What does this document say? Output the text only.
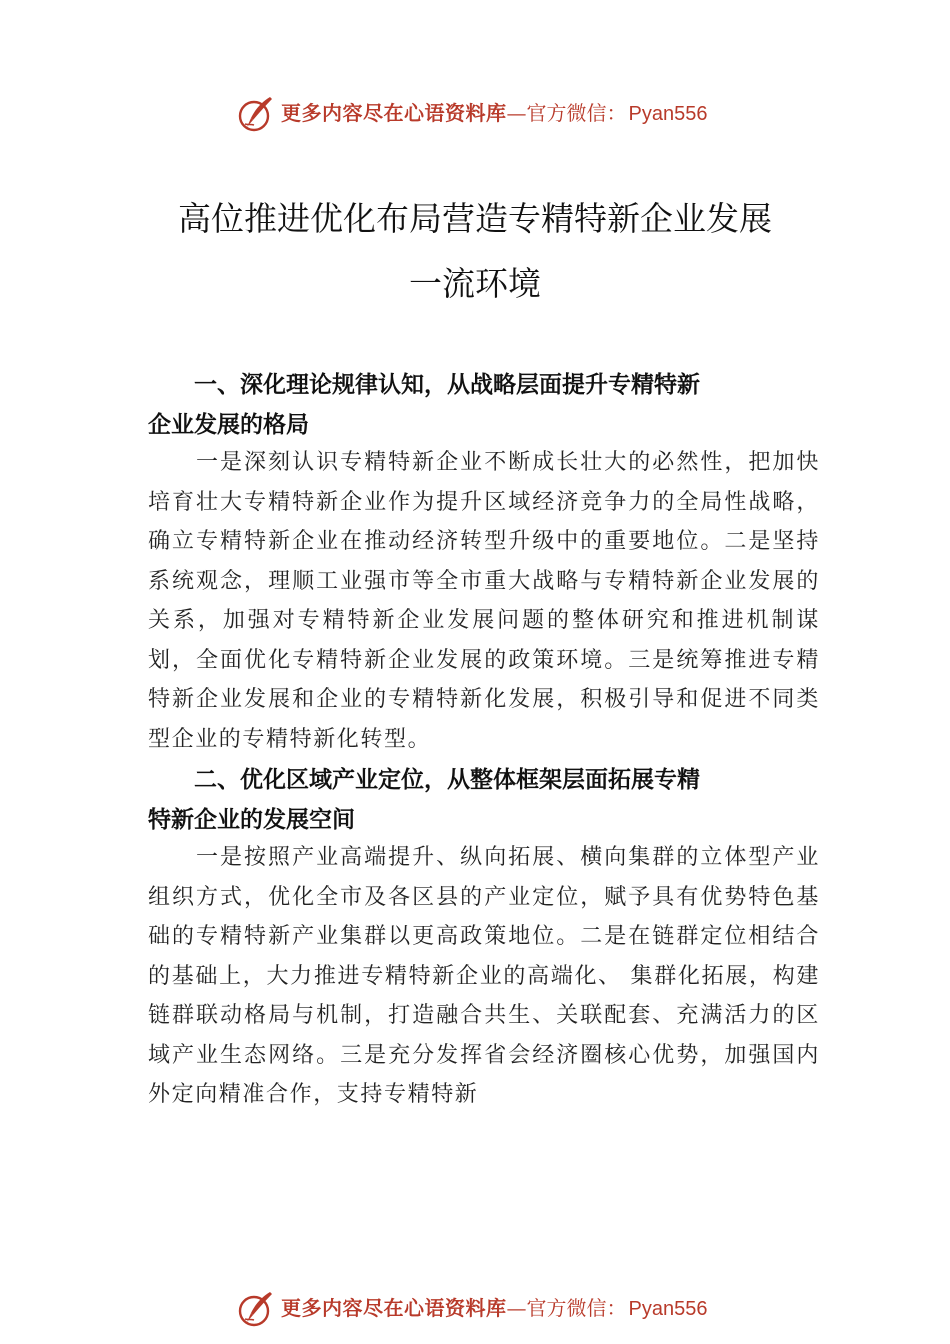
更多内容尽在心语资料库—官方微信： Pyan556
高位推进优化布局营造专精特新企业发展
一流环境
一、深化理论规律认知，从战略层面提升专精特新
企业发展的格局

一是深刻认识专精特新企业不断成长壮大的必然性，把加快培育壮大专精特新企业作为提升区域经济竞争力的全局性战略，确立专精特新企业在推动经济转型升级中的重要地位。二是坚持系统观念，理顺工业强市等全市重大战略与专精特新企业发展的关系，加强对专精特新企业发展问题的整体研究和推进机制谋划，全面优化专精特新企业发展的政策环境。三是统筹推进专精特新企业发展和企业的专精特新化发展，积极引导和促进不同类型企业的专精特新化转型。

二、优化区域产业定位，从整体框架层面拓展专精
特新企业的发展空间

一是按照产业高端提升、纵向拓展、横向集群的立体型产业组织方式，优化全市及各区县的产业定位，赋予具有优势特色基础的专精特新产业集群以更高政策地位。二是在链群定位相结合的基础上，大力推进专精特新企业的高端化、 集群化拓展，构建链群联动格局与机制，打造融合共生、关联配套、充满活力的区域产业生态网络。三是充分发挥省会经济圈核心优势，加强国内外定向精准合作，支持专精特新

更多内容尽在心语资料库—官方微信： Pyan556
